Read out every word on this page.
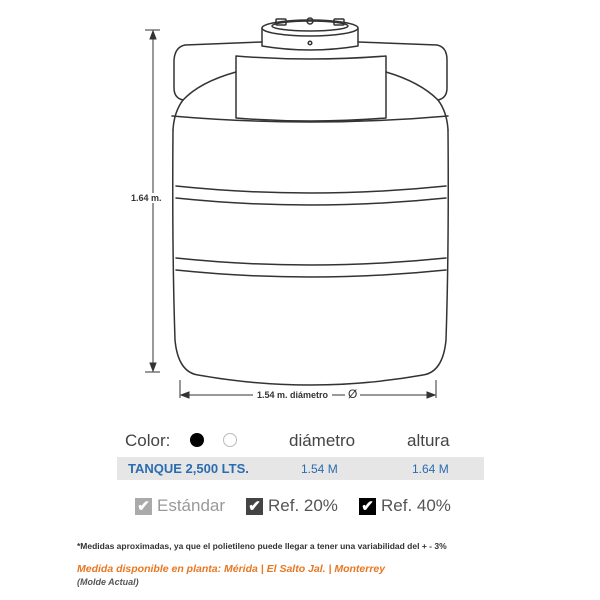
1.64 m.
1.54 m. diámetro	Ø
Color:	diámetro	altura
TANQUE 2,500 LTS.	1.54 M	1.64 M
✔ Estándar ✔ Ref. 20% ✔ Ref. 40%
*Medidas aproximadas, ya que el polietileno puede llegar a tener una variabilidad del + - 3%
Medida disponible en planta: Mérida | El Salto Jal. | Monterrey
(Molde Actual)
